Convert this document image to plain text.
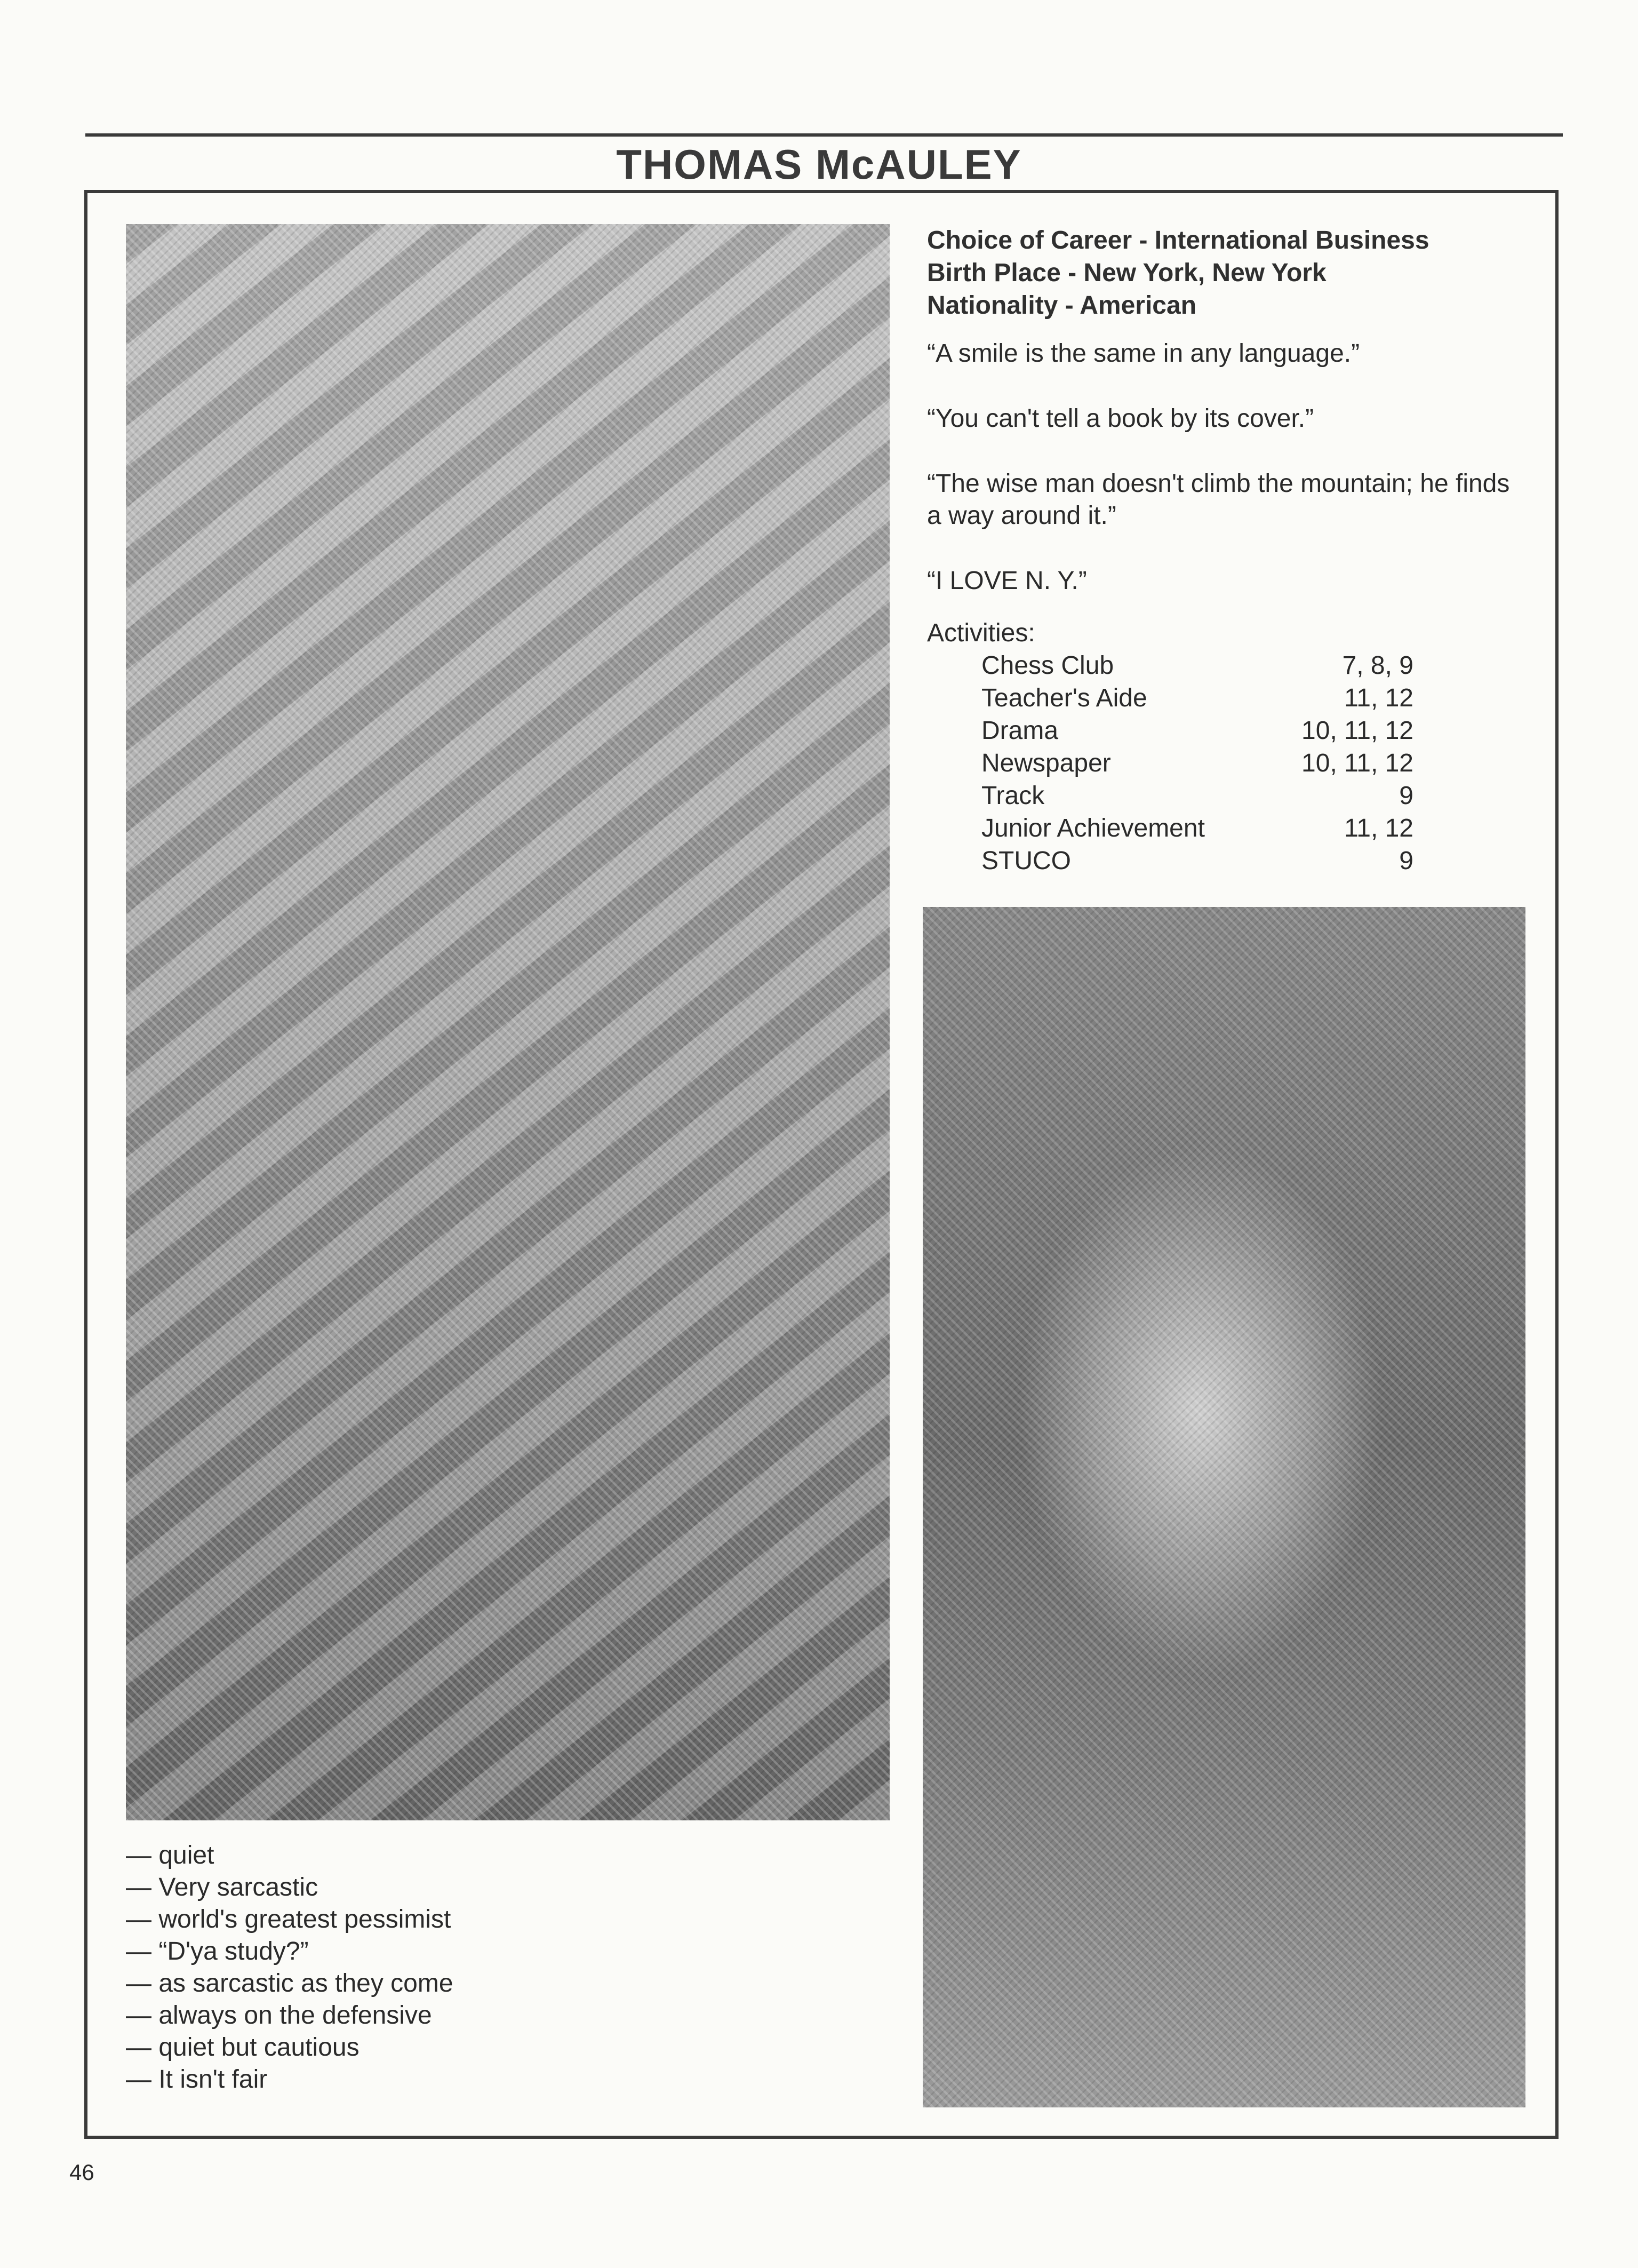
THOMAS McAULEY
Choice of Career - International Business
Birth Place - New York, New York
Nationality - American

“A smile is the same in any language.”

“You can't tell a book by its cover.”

“The wise man doesn't climb the mountain; he finds a way around it.”

“I LOVE N. Y.”

Activities:
Chess Club	7, 8, 9
Teacher's Aide	11, 12
Drama	10, 11, 12
Newspaper	10, 11, 12
Track	9
Junior Achievement	11, 12
STUCO	9
— quiet
— Very sarcastic
— world's greatest pessimist
— “D'ya study?”
— as sarcastic as they come
— always on the defensive
— quiet but cautious
— It isn't fair
46
